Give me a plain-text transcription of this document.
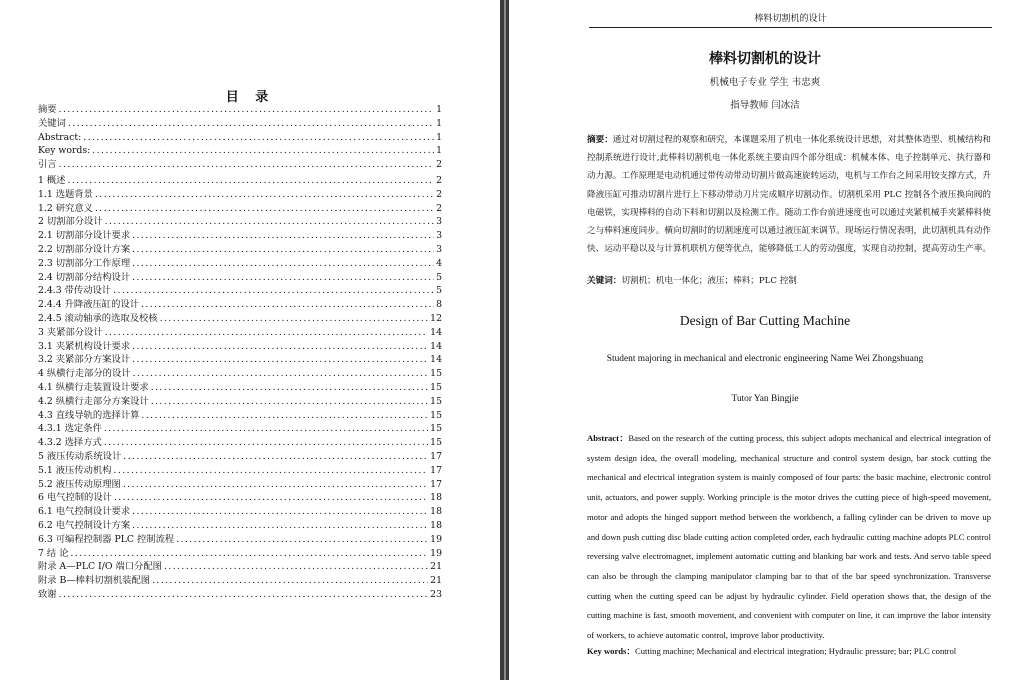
目 录
摘要 .....	1
关键词 .....	1
Abstract: .....	1
Key words: .....	1
引言 .....	2
1 概述 .....	2
1.1 选题背景 .....	2
1.2 研究意义 .....	2
2 切割部分设计 .....	3
2.1 切割部分设计要求 .....	3
2.2 切割部分设计方案 .....	3
2.3 切割部分工作原理 .....	4
2.4 切割部分结构设计 .....	5
2.4.3 带传动设计 .....	5
2.4.4 升降液压缸的设计 .....	8
2.4.5 滚动轴承的选取及校核 .....	12
3 夹紧部分设计 .....	14
3.1 夹紧机构设计要求 .....	14
3.2 夹紧部分方案设计 .....	14
4 纵横行走部分的设计 .....	15
4.1 纵横行走装置设计要求 .....	15
4.2 纵横行走部分方案设计 .....	15
4.3 直线导轨的选择计算 .....	15
4.3.1 选定条件 .....	15
4.3.2 选择方式 .....	15
5 液压传动系统设计 .....	17
5.1 液压传动机构 .....	17
5.2 液压传动原理图 .....	17
6 电气控制的设计 .....	18
6.1 电气控制设计要求 .....	18
6.2 电气控制设计方案 .....	18
6.3 可编程控制器 PLC 控制流程 .....	19
7 结 论 .....	19
附录 A—PLC I/O 端口分配图 .....	21
附录 B—棒料切割机装配图 .....	21
致谢 .....	23
棒料切割机的设计
棒料切割机的设计
机械电子专业 学生 韦忠爽
指导教师 闫冰洁
摘要：通过对切割过程的观察和研究，本课题采用了机电一体化系统设计思想，对其整体造型、机械结构和控制系统进行设计,此棒料切割机电一体化系统主要由四个部分组成：机械本体、电子控制单元、执行器和动力源。工作原理是电动机通过带传动带动切割片做高速旋转运动，电机与工作台之间采用铰支撑方式，升降液压缸可推动切割片进行上下移动带动刀片完成顺序切割动作。切割机采用 PLC 控制各个液压换向阀的电磁铁，实现棒料的自动下料和切割以及检测工作。随动工作台前进速度也可以通过夹紧机械手夹紧棒料使之与棒料速度同步。横向切割时的切割速度可以通过液压缸来调节。现场运行情况表明，此切割机具有动作快、运动平稳以及与计算机联机方便等优点，能够降低工人的劳动强度，实现自动控制，提高劳动生产率。
关键词：切割机；机电一体化；液压；棒料；PLC 控制
Design of Bar Cutting Machine
Student majoring in mechanical and electronic engineering Name Wei Zhongshuang
Tutor Yan Bingjie
Abstract：Based on the research of the cutting process, this subject adopts mechanical and electrical integration of system design idea, the overall modeling, mechanical structure and control system design, bar stock cutting the mechanical and electrical integration system is mainly composed of four parts: the basic machine, electronic control unit, actuators, and power supply. Working principle is the motor drives the cutting piece of high-speed movement, motor and adopts the hinged support method between the workbench, a falling cylinder can be driven to move up and down push cutting disc blade cutting action completed order, each hydraulic cutting machine adopts PLC control reversing valve electromagnet, implement automatic cutting and blanking bar work and tests. And servo table speed can also be through the clamping manipulator clamping bar to that of the bar speed synchronization. Transverse cutting when the cutting speed can be adjust by hydraulic cylinder. Field operation shows that, the design of the cutting machine is fast, smooth movement, and convenient with computer on line, it can improve the labor intensity of workers, to achieve automatic control, improve labor productivity.
Key words：Cutting machine; Mechanical and electrical integration; Hydraulic pressure; bar; PLC control
